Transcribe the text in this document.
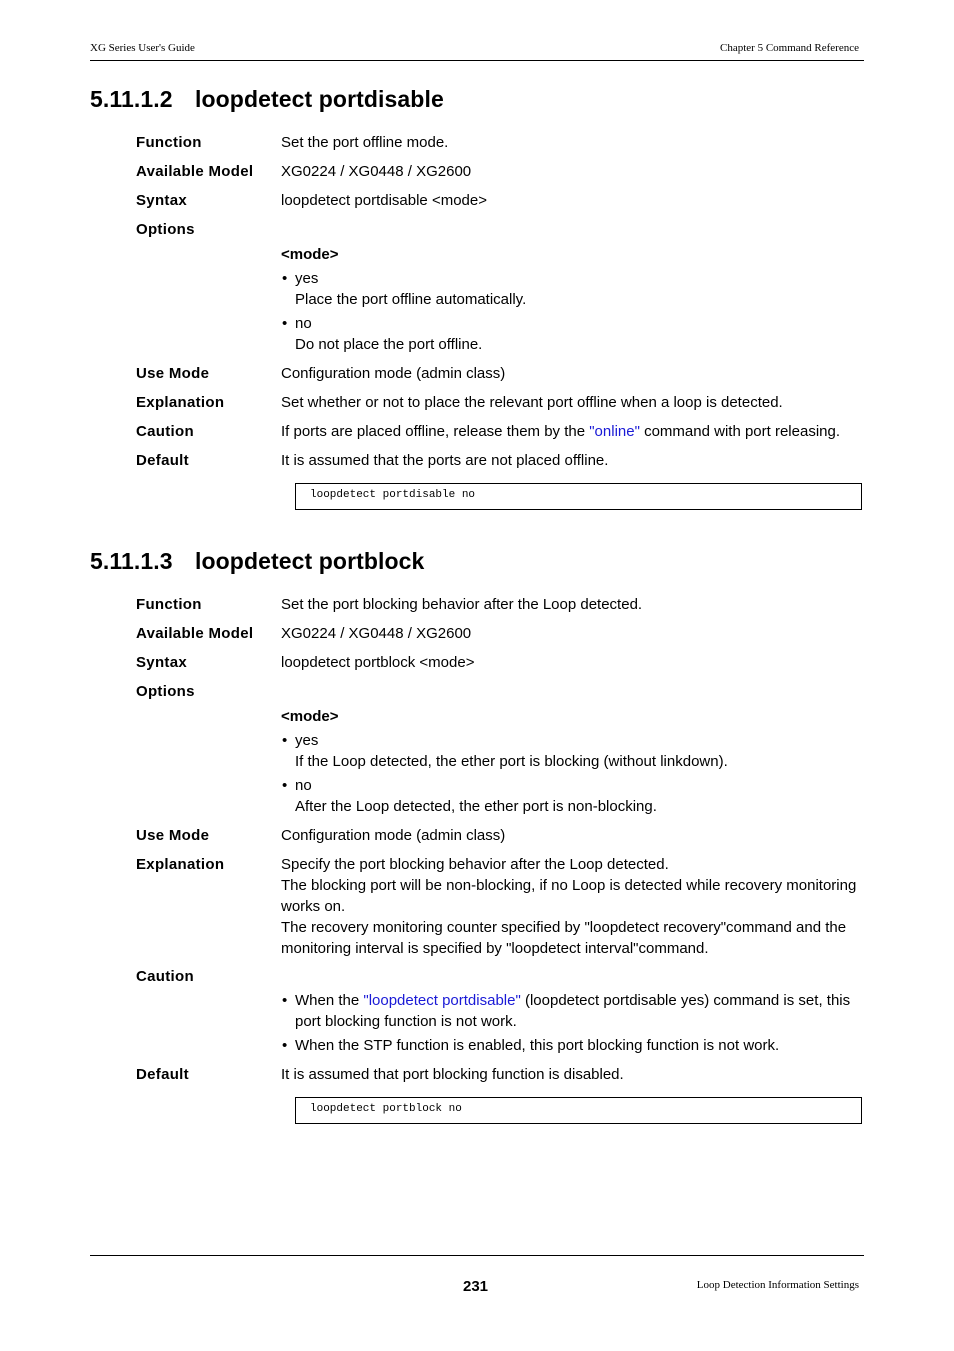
XG Series User's Guide	Chapter 5 Command Reference
5.11.1.2 loopdetect portdisable
Function	Set the port offline mode.
Available Model XG0224 / XG0448 / XG2600
Syntax	loopdetect portdisable <mode>
Options
<mode>
• yes
Place the port offline automatically.
• no
Do not place the port offline.
Use Mode	Configuration mode (admin class)
Explanation	Set whether or not to place the relevant port offline when a loop is detected.
Caution	If ports are placed offline, release them by the "online" command with port releasing.
Default	It is assumed that the ports are not placed offline.
loopdetect portdisable no
5.11.1.3 loopdetect portblock
Function	Set the port blocking behavior after the Loop detected.
Available Model XG0224 / XG0448 / XG2600
Syntax	loopdetect portblock <mode>
Options
<mode>
• yes
If the Loop detected, the ether port is blocking (without linkdown).
• no
After the Loop detected, the ether port is non-blocking.
Use Mode	Configuration mode (admin class)
Explanation	Specify the port blocking behavior after the Loop detected.
The blocking port will be non-blocking, if no Loop is detected while recovery monitoring works on.
The recovery monitoring counter specified by "loopdetect recovery"command and the monitoring interval is specified by "loopdetect interval"command.
Caution
• When the "loopdetect portdisable" (loopdetect portdisable yes) command is set, this port blocking function is not work.
• When the STP function is enabled, this port blocking function is not work.
Default	It is assumed that port blocking function is disabled.
loopdetect portblock no
231	Loop Detection Information Settings
